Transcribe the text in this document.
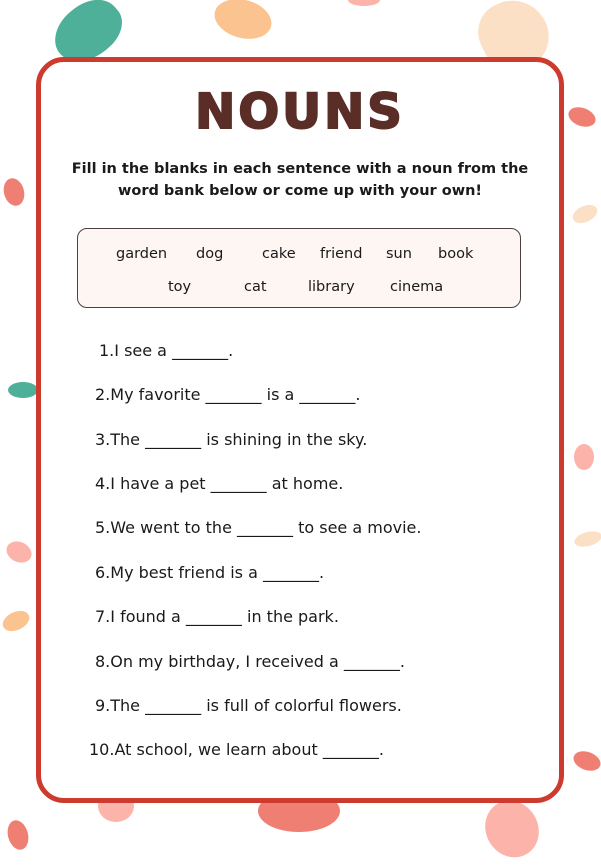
NOUNS
Fill in the blanks in each sentence with a noun from the
word bank below or come up with your own!
garden dog	cake friend sun book
toy	cat	library cinema
1.I see a _______.
2.My favorite _______ is a _______.
3.The _______ is shining in the sky.
4.I have a pet _______ at home.
5.We went to the _______ to see a movie.
6.My best friend is a _______.
7.I found a _______ in the park.
8.On my birthday, I received a _______.
9.The _______ is full of colorful flowers.
10.At school, we learn about _______.
